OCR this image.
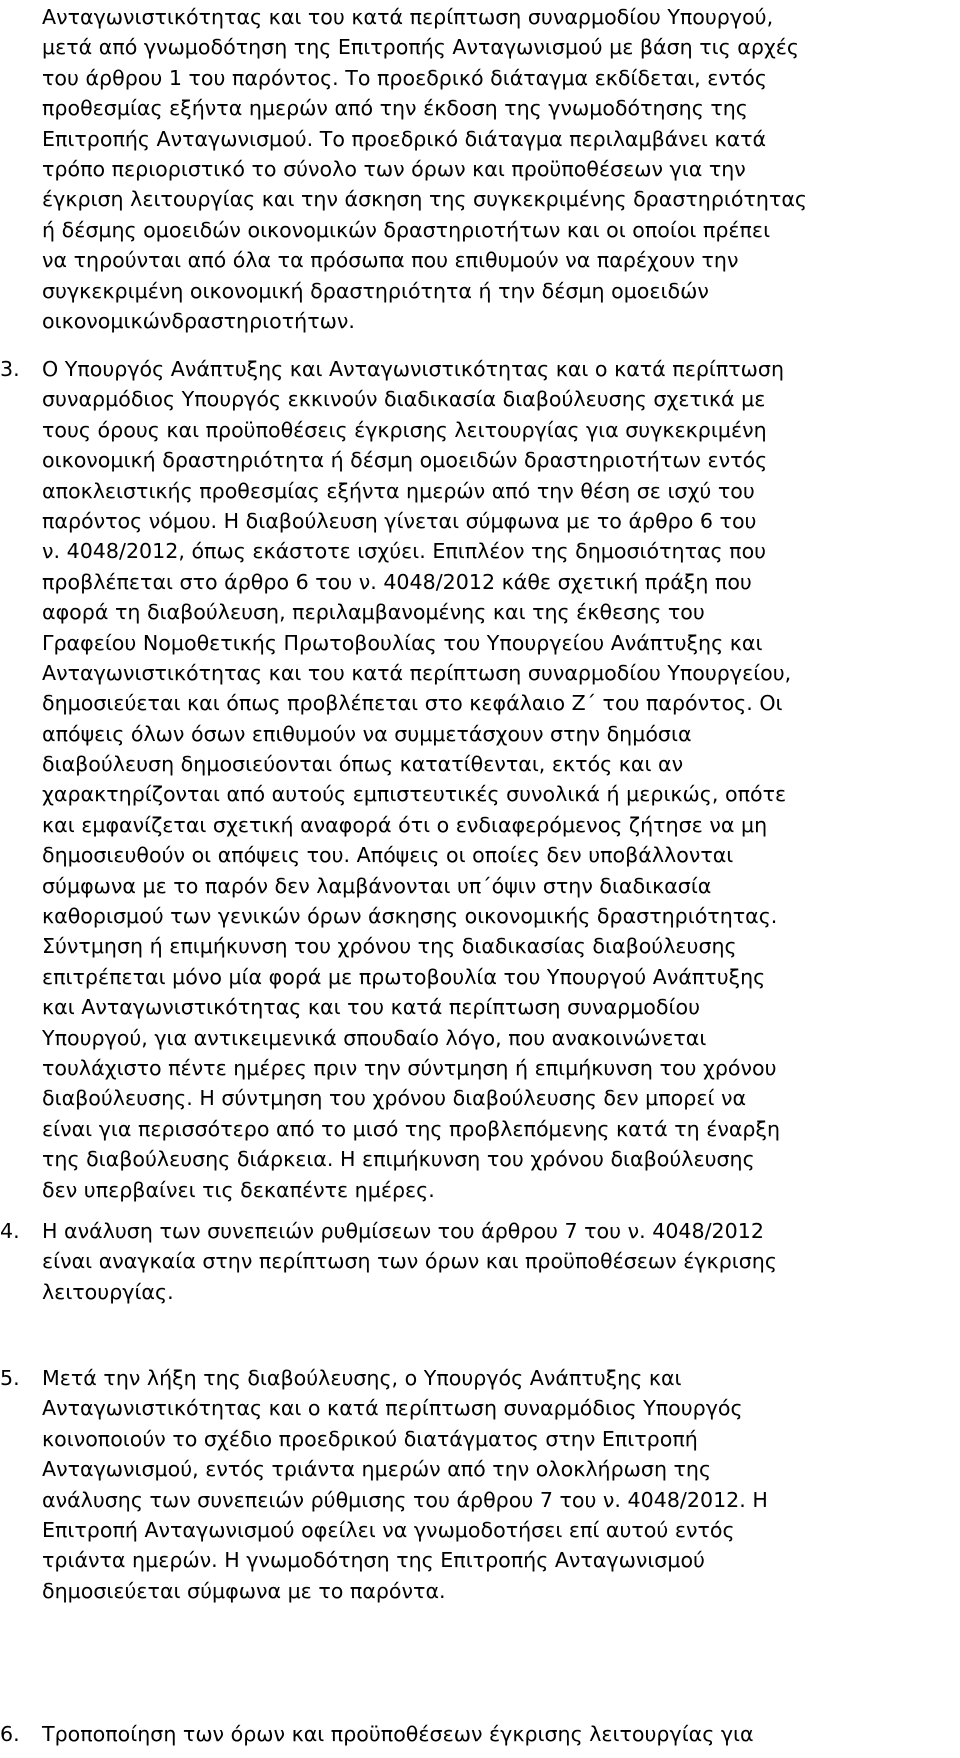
Ανταγωνιστικότητας και του κατά περίπτωση συναρμοδίου Υπουργού,
μετά από γνωμοδότηση της Επιτροπής Ανταγωνισμού με βάση τις αρχές
του άρθρου 1 του παρόντος. Το προεδρικό διάταγμα εκδίδεται, εντός
προθεσμίας εξήντα ημερών από την έκδοση της γνωμοδότησης της
Επιτροπής Ανταγωνισμού. Το προεδρικό διάταγμα περιλαμβάνει κατά
τρόπο περιοριστικό το σύνολο των όρων και προϋποθέσεων για την
έγκριση λειτουργίας και την άσκηση της συγκεκριμένης δραστηριότητας
ή δέσμης ομοειδών οικονομικών δραστηριοτήτων και οι οποίοι πρέπει
να τηρούνται από όλα τα πρόσωπα που επιθυμούν να παρέχουν την
συγκεκριμένη οικονομική δραστηριότητα ή την δέσμη ομοειδών
οικονομικώνδραστηριοτήτων.
3. Ο Υπουργός Ανάπτυξης και Ανταγωνιστικότητας και ο κατά περίπτωση
συναρμόδιος Υπουργός εκκινούν διαδικασία διαβούλευσης σχετικά με
τους όρους και προϋποθέσεις έγκρισης λειτουργίας για συγκεκριμένη
οικονομική δραστηριότητα ή δέσμη ομοειδών δραστηριοτήτων εντός
αποκλειστικής προθεσμίας εξήντα ημερών από την θέση σε ισχύ του
παρόντος νόμου. Η διαβούλευση γίνεται σύμφωνα με το άρθρο 6 του
ν. 4048/2012, όπως εκάστοτε ισχύει. Επιπλέον της δημοσιότητας που
προβλέπεται στο άρθρο 6 του ν. 4048/2012 κάθε σχετική πράξη που
αφορά τη διαβούλευση, περιλαμβανομένης και της έκθεσης του
Γραφείου Νομοθετικής Πρωτοβουλίας του Υπουργείου Ανάπτυξης και
Ανταγωνιστικότητας και του κατά περίπτωση συναρμοδίου Υπουργείου,
δημοσιεύεται και όπως προβλέπεται στο κεφάλαιο Ζ΄ του παρόντος. Οι
απόψεις όλων όσων επιθυμούν να συμμετάσχουν στην δημόσια
διαβούλευση δημοσιεύονται όπως κατατίθενται, εκτός και αν
χαρακτηρίζονται από αυτούς εμπιστευτικές συνολικά ή μερικώς, οπότε
και εμφανίζεται σχετική αναφορά ότι ο ενδιαφερόμενος ζήτησε να μη
δημοσιευθούν οι απόψεις του. Απόψεις οι οποίες δεν υποβάλλονται
σύμφωνα με το παρόν δεν λαμβάνονται υπ΄όψιν στην διαδικασία
καθορισμού των γενικών όρων άσκησης οικονομικής δραστηριότητας.
Σύντμηση ή επιμήκυνση του χρόνου της διαδικασίας διαβούλευσης
επιτρέπεται μόνο μία φορά με πρωτοβουλία του Υπουργού Ανάπτυξης
και Ανταγωνιστικότητας και του κατά περίπτωση συναρμοδίου
Υπουργού, για αντικειμενικά σπουδαίο λόγο, που ανακοινώνεται
τουλάχιστο πέντε ημέρες πριν την σύντμηση ή επιμήκυνση του χρόνου
διαβούλευσης. Η σύντμηση του χρόνου διαβούλευσης δεν μπορεί να
είναι για περισσότερο από το μισό της προβλεπόμενης κατά τη έναρξη
της διαβούλευσης διάρκεια. Η επιμήκυνση του χρόνου διαβούλευσης
δεν υπερβαίνει τις δεκαπέντε ημέρες.
4. Η ανάλυση των συνεπειών ρυθμίσεων του άρθρου 7 του ν. 4048/2012
είναι αναγκαία στην περίπτωση των όρων και προϋποθέσεων έγκρισης
λειτουργίας.
5. Μετά την λήξη της διαβούλευσης, ο Υπουργός Ανάπτυξης και
Ανταγωνιστικότητας και ο κατά περίπτωση συναρμόδιος Υπουργός
κοινοποιούν το σχέδιο προεδρικού διατάγματος στην Επιτροπή
Ανταγωνισμού, εντός τριάντα ημερών από την ολοκλήρωση της
ανάλυσης των συνεπειών ρύθμισης του άρθρου 7 του ν. 4048/2012. Η
Επιτροπή Ανταγωνισμού οφείλει να γνωμοδοτήσει επί αυτού εντός
τριάντα ημερών. Η γνωμοδότηση της Επιτροπής Ανταγωνισμού
δημοσιεύεται σύμφωνα με το παρόντα.
6. Τροποποίηση των όρων και προϋποθέσεων έγκρισης λειτουργίας για
